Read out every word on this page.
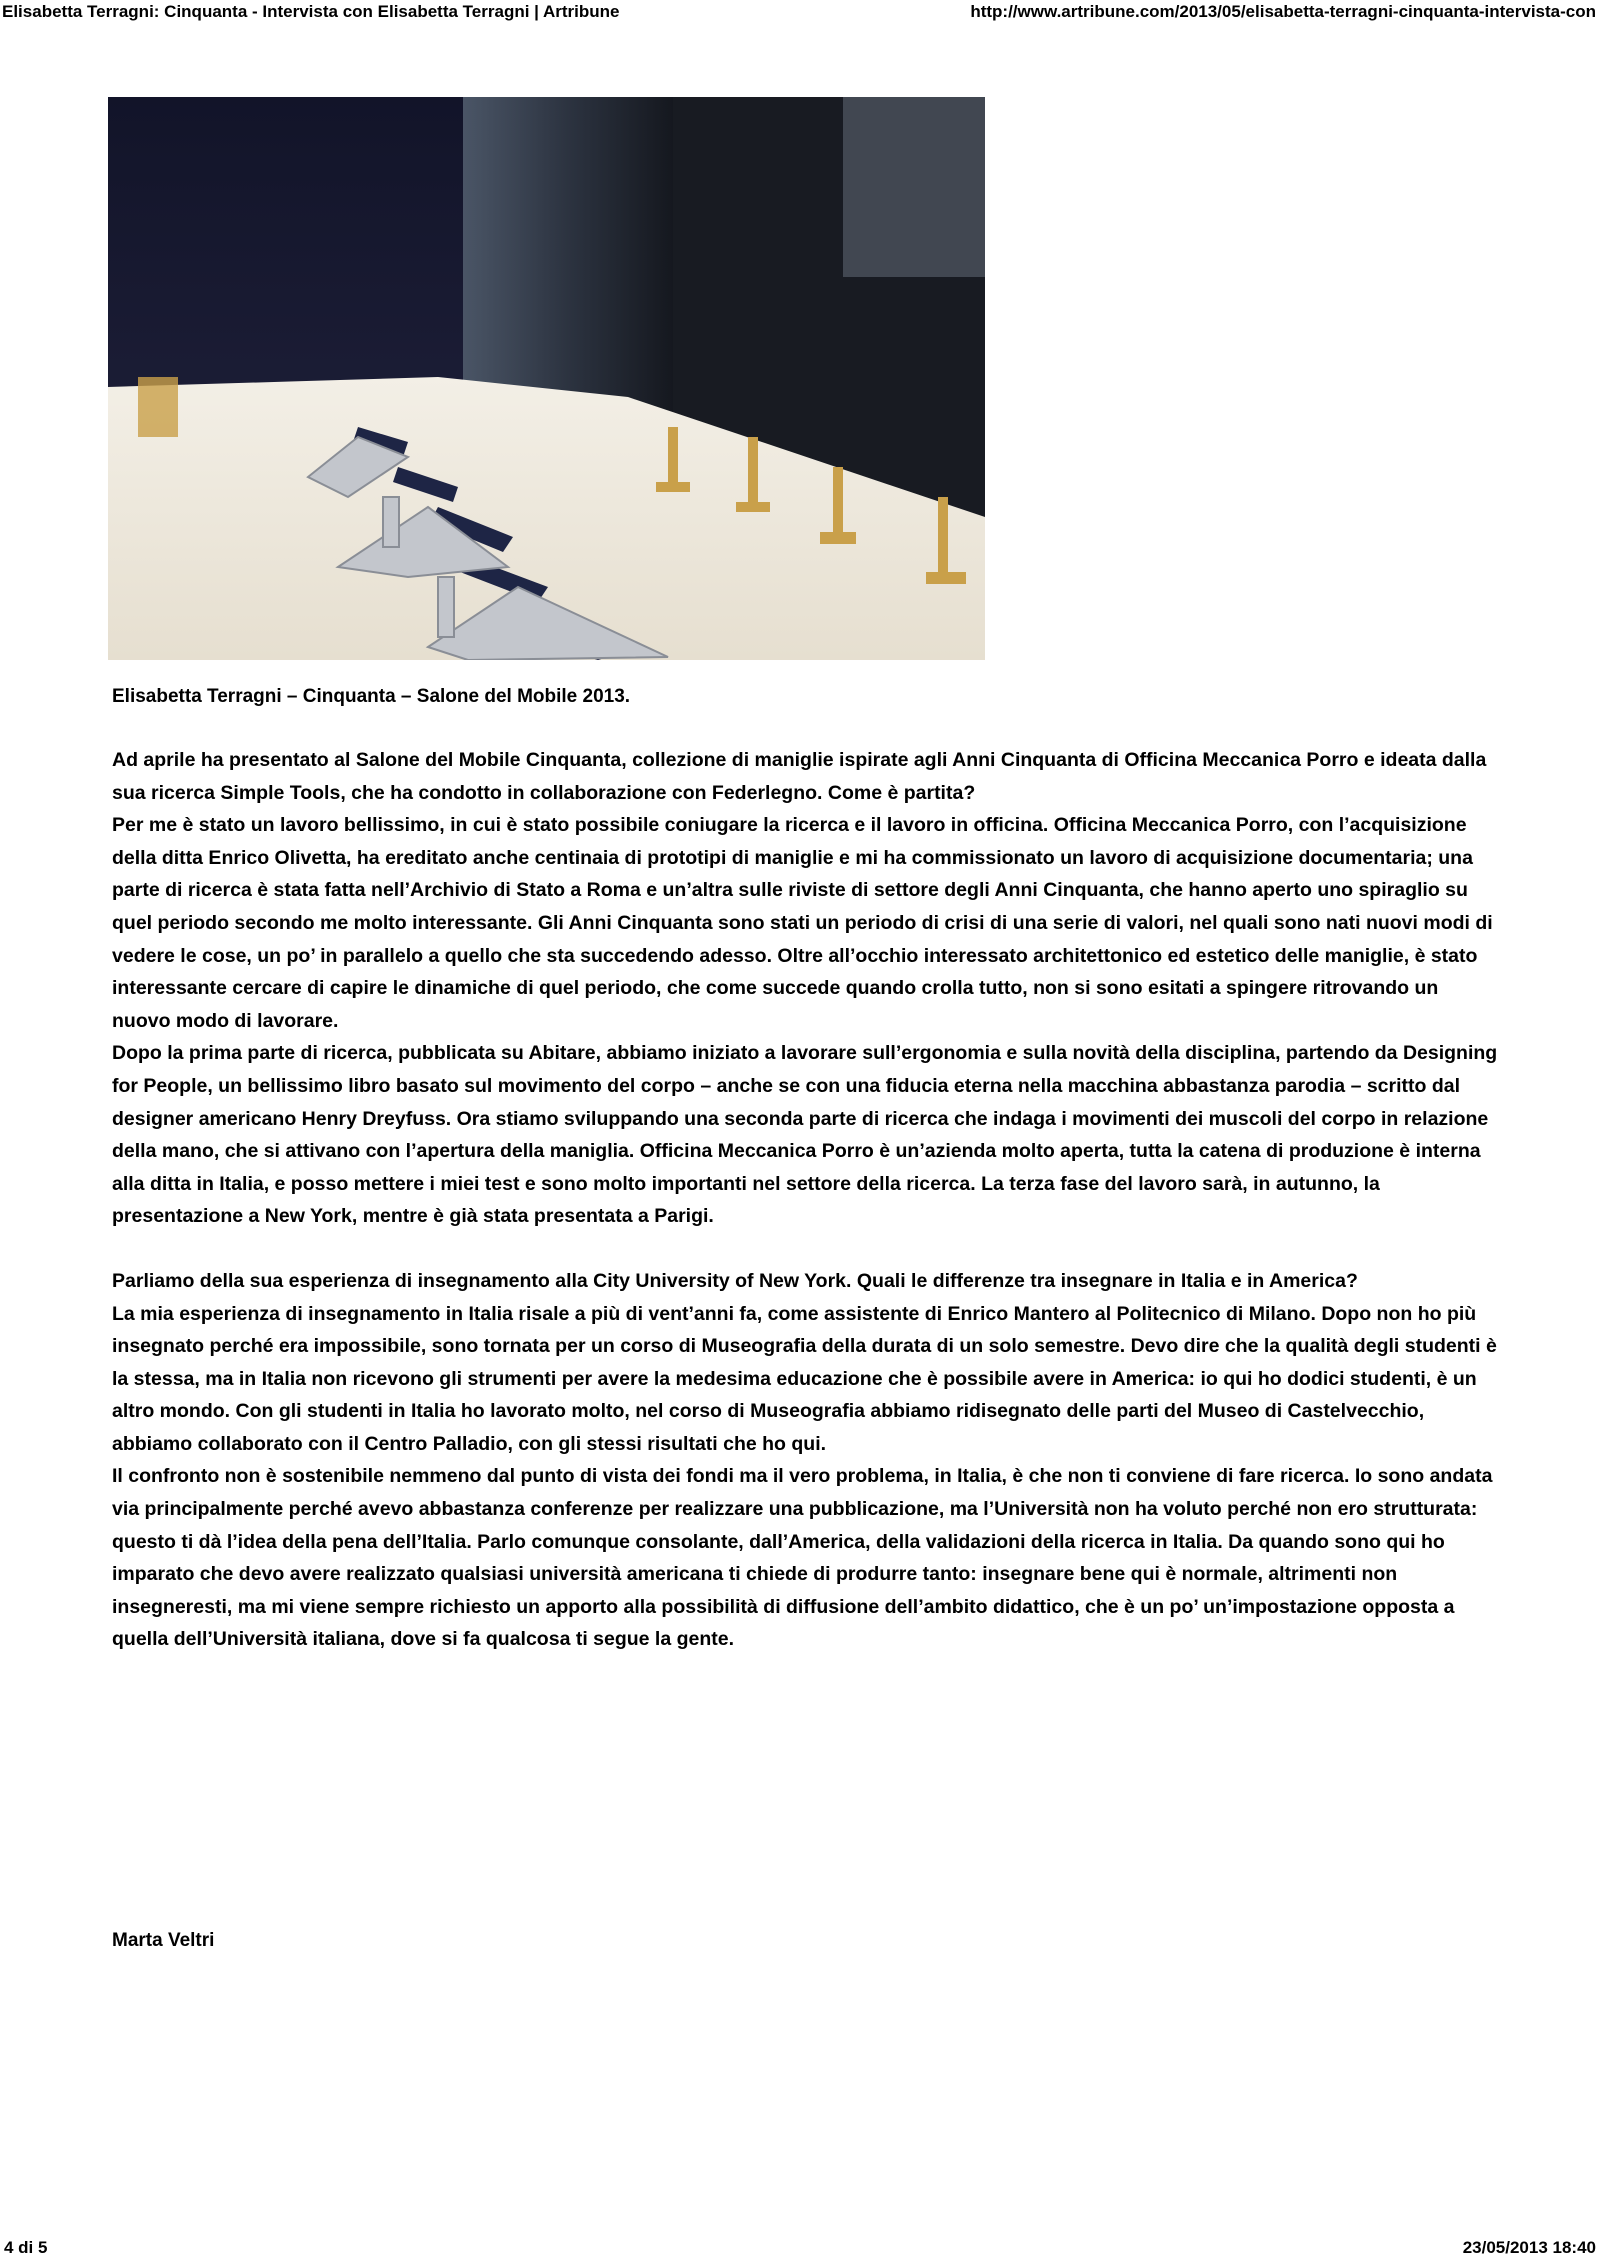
Elisabetta Terragni: Cinquanta - Intervista con Elisabetta Terragni | Artribune	http://www.artribune.com/2013/05/elisabetta-terragni-cinquanta-intervista-con
Elisabetta Terragni – Cinquanta – Salone del Mobile 2013.

Ad aprile ha presentato al Salone del Mobile Cinquanta, collezione di maniglie ispirate agli Anni Cinquanta di Officina Meccanica Porro e ideata dalla sua ricerca Simple Tools, che ha condotto in collaborazione con Federlegno. Come è partita?

Per me è stato un lavoro bellissimo, in cui è stato possibile coniugare la ricerca e il lavoro in officina. Officina Meccanica Porro, con l’acquisizione della ditta Enrico Olivetta, ha ereditato anche centinaia di prototipi di maniglie e mi ha commissionato un lavoro di acquisizione documentaria; una parte di ricerca è stata fatta nell’Archivio di Stato a Roma e un’altra sulle riviste di settore degli Anni Cinquanta, che hanno aperto uno spiraglio su quel periodo secondo me molto interessante. Gli Anni Cinquanta sono stati un periodo di crisi di una serie di valori, nel quali sono nati nuovi modi di vedere le cose, un po’ in parallelo a quello che sta succedendo adesso. Oltre all’occhio interessato architettonico ed estetico delle maniglie, è stato interessante cercare di capire le dinamiche di quel periodo, che come succede quando crolla tutto, non si sono esitati a spingere ritrovando un nuovo modo di lavorare.

Dopo la prima parte di ricerca, pubblicata su Abitare, abbiamo iniziato a lavorare sull’ergonomia e sulla novità della disciplina, partendo da Designing for People, un bellissimo libro basato sul movimento del corpo – anche se con una fiducia eterna nella macchina abbastanza parodia – scritto dal designer americano Henry Dreyfuss. Ora stiamo sviluppando una seconda parte di ricerca che indaga i movimenti dei muscoli del corpo in relazione della mano, che si attivano con l’apertura della maniglia. Officina Meccanica Porro è un’azienda molto aperta, tutta la catena di produzione è interna alla ditta in Italia, e posso mettere i miei test e sono molto importanti nel settore della ricerca. La terza fase del lavoro sarà, in autunno, la presentazione a New York, mentre è già stata presentata a Parigi.

Parliamo della sua esperienza di insegnamento alla City University of New York. Quali le differenze tra insegnare in Italia e in America?

La mia esperienza di insegnamento in Italia risale a più di vent’anni fa, come assistente di Enrico Mantero al Politecnico di Milano. Dopo non ho più insegnato perché era impossibile, sono tornata per un corso di Museografia della durata di un solo semestre. Devo dire che la qualità degli studenti è la stessa, ma in Italia non ricevono gli strumenti per avere la medesima educazione che è possibile avere in America: io qui ho dodici studenti, è un altro mondo. Con gli studenti in Italia ho lavorato molto, nel corso di Museografia abbiamo ridisegnato delle parti del Museo di Castelvecchio, abbiamo collaborato con il Centro Palladio, con gli stessi risultati che ho qui.

Il confronto non è sostenibile nemmeno dal punto di vista dei fondi ma il vero problema, in Italia, è che non ti conviene di fare ricerca. Io sono andata via principalmente perché avevo abbastanza conferenze per realizzare una pubblicazione, ma l’Università non ha voluto perché non ero strutturata: questo ti dà l’idea della pena dell’Italia. Parlo comunque consolante, dall’America, della validazioni della ricerca in Italia. Da quando sono qui ho imparato che devo avere realizzato qualsiasi università americana ti chiede di produrre tanto: insegnare bene qui è normale, altrimenti non insegneresti, ma mi viene sempre richiesto un apporto alla possibilità di diffusione dell’ambito didattico, che è un po’ un’impostazione opposta a quella dell’Università italiana, dove si fa qualcosa ti segue la gente.

Marta Veltri
4 di 5	23/05/2013 18:40
